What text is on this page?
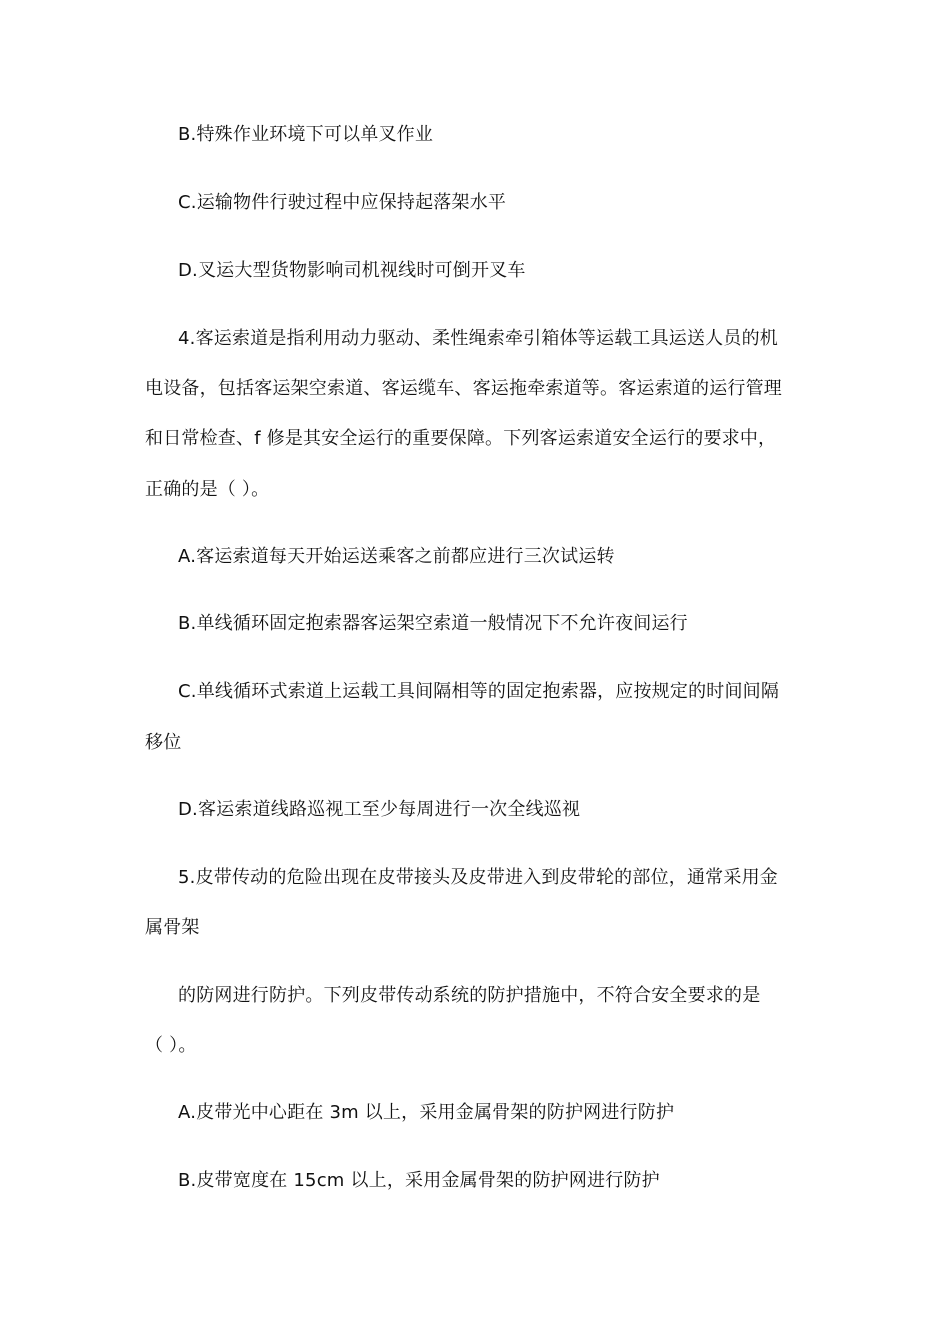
B.特殊作业环境下可以单叉作业
C.运输物件行驶过程中应保持起落架水平
D.叉运大型货物影响司机视线时可倒开叉车
4.客运索道是指利用动力驱动、柔性绳索牵引箱体等运载工具运送人员的机
电设备，包括客运架空索道、客运缆车、客运拖牵索道等。客运索道的运行管理
和日常检查、f 修是其安全运行的重要保障。下列客运索道安全运行的要求中，
正确的是（ ）。
A.客运索道每天开始运送乘客之前都应进行三次试运转
B.单线循环固定抱索器客运架空索道一般情况下不允许夜间运行
C.单线循环式索道上运载工具间隔相等的固定抱索器，应按规定的时间间隔
移位
D.客运索道线路巡视工至少每周进行一次全线巡视
5.皮带传动的危险出现在皮带接头及皮带进入到皮带轮的部位，通常采用金
属骨架
的防网进行防护。下列皮带传动系统的防护措施中，不符合安全要求的是
（ ）。
A.皮带光中心距在 3m 以上，采用金属骨架的防护网进行防护
B.皮带宽度在 15cm 以上，采用金属骨架的防护网进行防护
